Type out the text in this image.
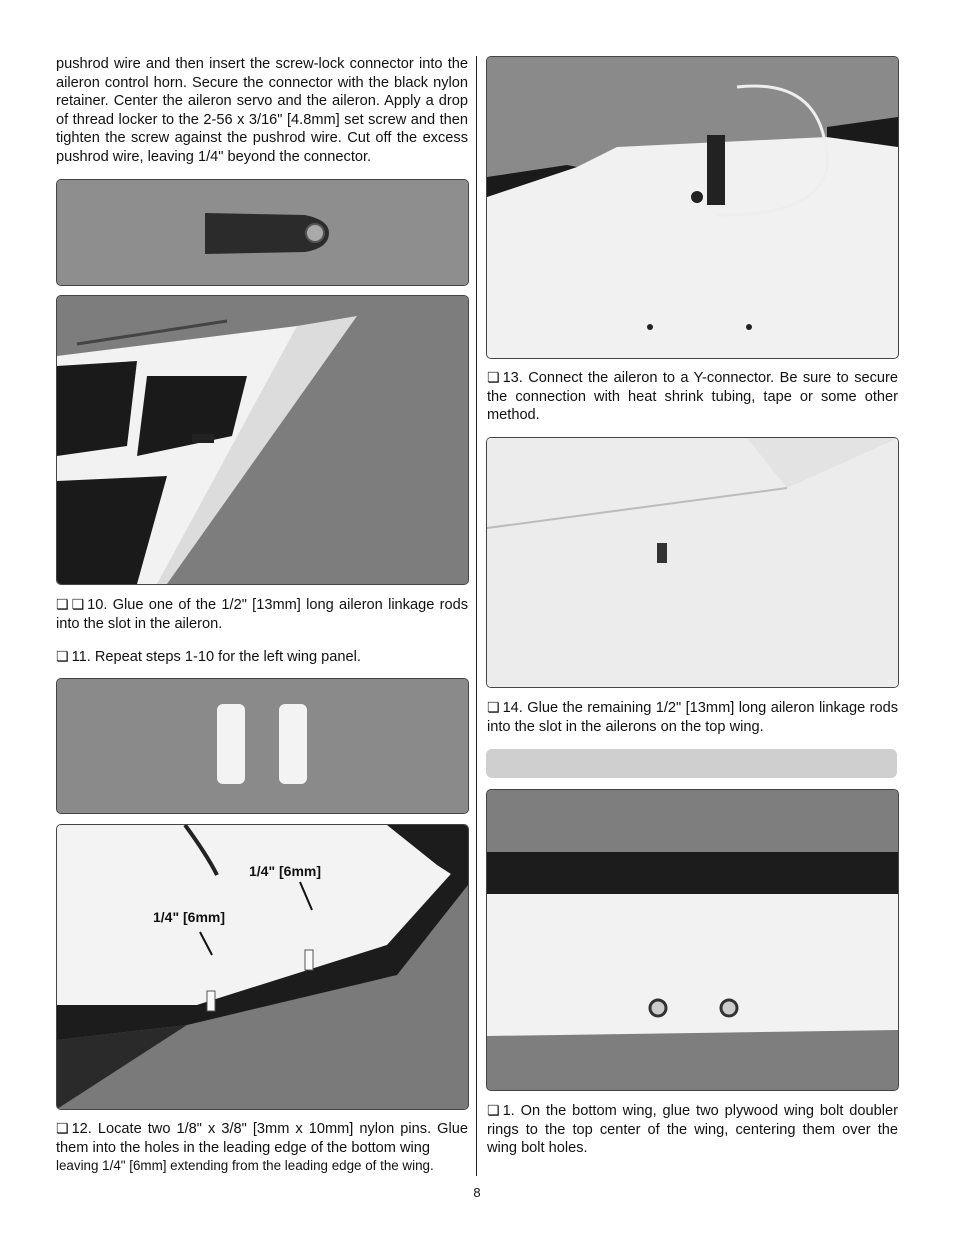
pushrod wire and then insert the screw-lock connector into the aileron control horn. Secure the connector with the black nylon retainer. Center the aileron servo and the aileron. Apply a drop of thread locker to the 2-56 x 3/16" [4.8mm] set screw and then tighten the screw against the pushrod wire. Cut off the excess pushrod wire, leaving 1/4" beyond the connector.

❏ ❏ 10. Glue one of the 1/2" [13mm] long aileron linkage rods into the slot in the aileron.

❏ 11. Repeat steps 1-10 for the left wing panel.

1/4" [6mm]
1/4" [6mm]

❏ 12. Locate two 1/8" x 3/8" [3mm x 10mm] nylon pins. Glue them into the holes in the leading edge of the bottom wing

leaving 1/4" [6mm] extending from the leading edge of the wing.

❏ 13. Connect the aileron to a Y-connector. Be sure to secure the connection with heat shrink tubing, tape or some other method.

❏ 14. Glue the remaining 1/2" [13mm] long aileron linkage rods into the slot in the ailerons on the top wing.

❏ 1. On the bottom wing, glue two plywood wing bolt doubler rings to the top center of the wing, centering them over the wing bolt holes.

8
